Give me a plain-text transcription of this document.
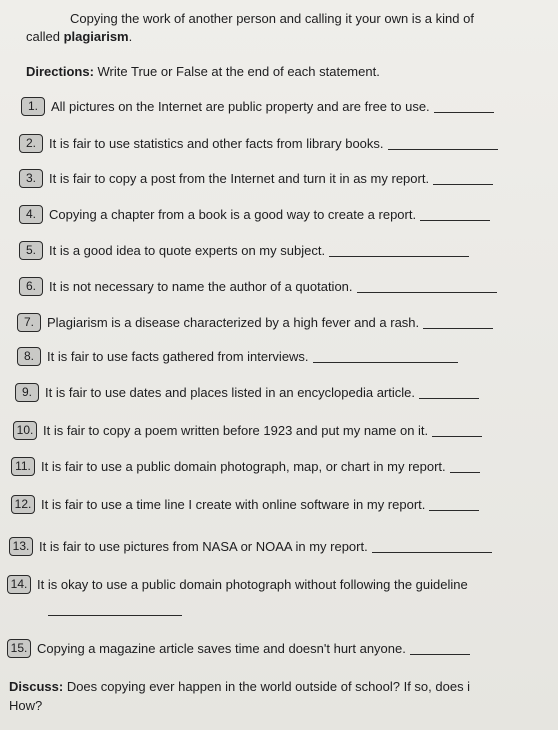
Copying the work of another person and calling it your own is a kind of
called plagiarism.
Directions: Write True or False at the end of each statement.
1.	All pictures on the Internet are public property and are free to use.
2.	It is fair to use statistics and other facts from library books.
3.	It is fair to copy a post from the Internet and turn it in as my report.
4.	Copying a chapter from a book is a good way to create a report.
5.	It is a good idea to quote experts on my subject.
6.	It is not necessary to name the author of a quotation.
7.	Plagiarism is a disease characterized by a high fever and a rash.
8.	It is fair to use facts gathered from interviews.
9.	It is fair to use dates and places listed in an encyclopedia article.
10. It is fair to copy a poem written before 1923 and put my name on it.
11. It is fair to use a public domain photograph, map, or chart in my report.
12. It is fair to use a time line I create with online software in my report.
13. It is fair to use pictures from NASA or NOAA in my report.
14. It is okay to use a public domain photograph without following the guideline
15. Copying a magazine article saves time and doesn't hurt anyone.
Discuss: Does copying ever happen in the world outside of school? If so, does i
How?
